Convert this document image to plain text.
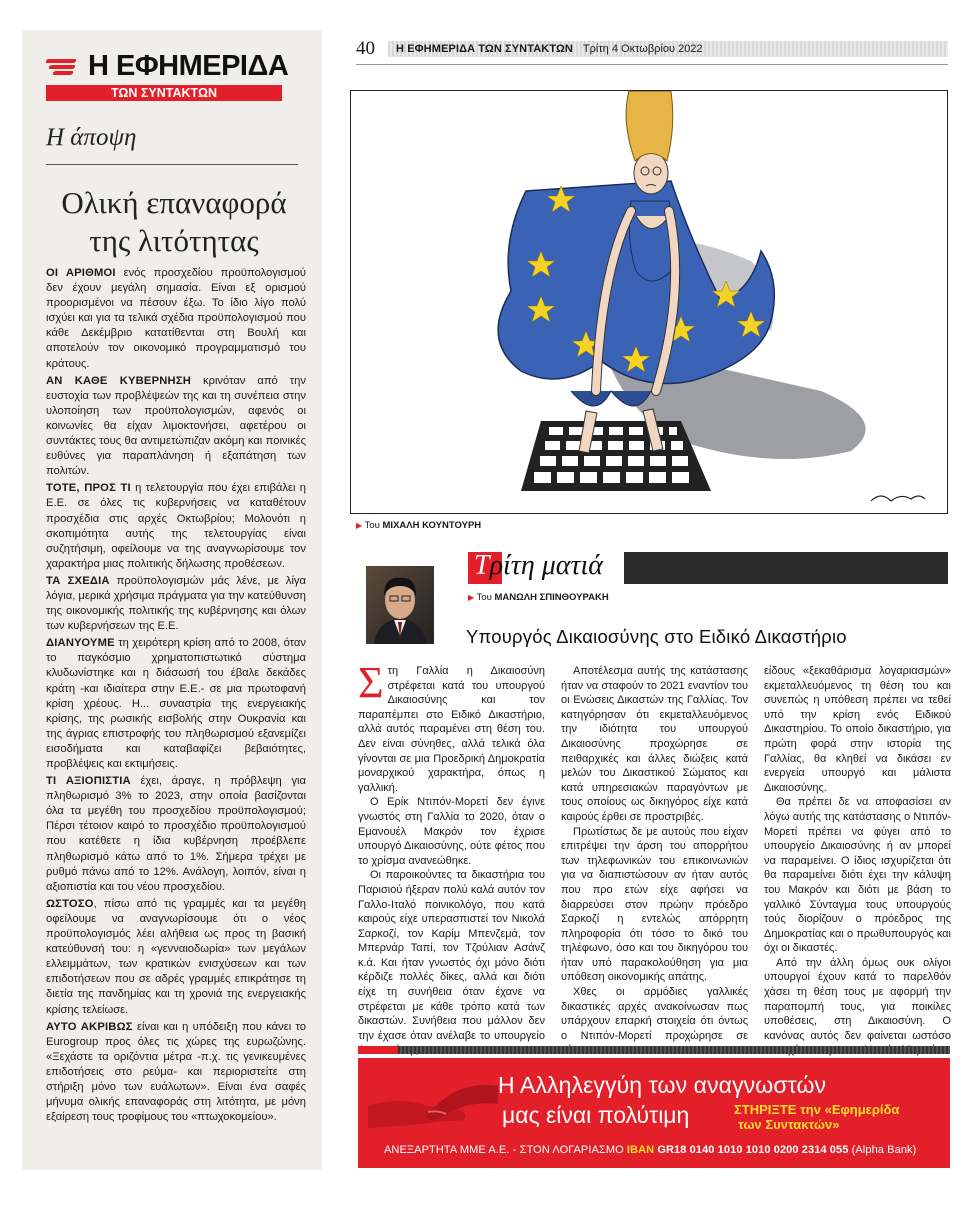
Η ΕΦΗΜΕΡΙΔΑ
ΤΩΝ ΣΥΝΤΑΚΤΩΝ
Η άποψη
Ολική επαναφορά
της λιτότητας

ΟΙ ΑΡΙΘΜΟΙ ενός προσχεδίου προϋπολογισμού δεν έχουν μεγάλη σημασία. Είναι εξ ορισμού προορισμένοι να πέσουν έξω. Το ίδιο λίγο πολύ ισχύει και για τα τελικά σχέδια προϋπολογισμού που κάθε Δεκέμβριο κατατίθενται στη Βουλή και αποτελούν τον οικονομικό προγραμματισμό του κράτους.

ΑΝ ΚΑΘΕ ΚΥΒΕΡΝΗΣΗ κρινόταν από την ευστοχία των προβλέψεών της και τη συνέπεια στην υλοποίηση των προϋπολογισμών, αφενός οι κοινωνίες θα είχαν λιμοκτονήσει, αφετέρου οι συντάκτες τους θα αντιμετώπιζαν ακόμη και ποινικές ευθύνες για παραπλάνηση ή εξαπάτηση των πολιτών.

ΤΟΤΕ, ΠΡΟΣ ΤΙ η τελετουργία που έχει επιβάλει η Ε.Ε. σε όλες τις κυβερνήσεις να καταθέτουν προσχέδια στις αρχές Οκτωβρίου; Μολονότι η σκοπιμότητα αυτής της τελετουργίας είναι συζητήσιμη, οφείλουμε να της αναγνωρίσουμε τον χαρακτήρα μιας πολιτικής δήλωσης προθέσεων.

ΤΑ ΣΧΕΔΙΑ προϋπολογισμών μάς λένε, με λίγα λόγια, μερικά χρήσιμα πράγματα για την κατεύθυνση της οικονομικής πολιτικής της κυβέρνησης και όλων των κυβερνήσεων της Ε.Ε.

ΔΙΑΝΥΟΥΜΕ τη χειρότερη κρίση από το 2008, όταν το παγκόσμιο χρηματοπιστωτικό σύστημα κλυδωνίστηκε και η διάσωσή του έβαλε δεκάδες κράτη -και ιδιαίτερα στην Ε.Ε.- σε μια πρωτοφανή κρίση χρέους. Η... συναστρία της ενεργειακής κρίσης, της ρωσικής εισβολής στην Ουκρανία και της άγριας επιστροφής του πληθωρισμού εξανεμίζει εισοδήματα και καταβαφίζει βεβαιότητες, προβλέψεις και εκτιμήσεις.

ΤΙ ΑΞΙΟΠΙΣΤΙΑ έχει, άραγε, η πρόβλεψη για πληθωρισμό 3% το 2023, στην οποία βασίζονται όλα τα μεγέθη του προσχεδίου προϋπολογισμού; Πέρσι τέτοιον καιρό το προσχέδιο προϋπολογισμού που κατέθετε η ίδια κυβέρνηση προέβλεπε πληθωρισμό κάτω από το 1%. Σήμερα τρέχει με ρυθμό πάνω από το 12%. Ανάλογη, λοιπόν, είναι η αξιοπιστία και του νέου προσχεδίου.

ΩΣΤΟΣΟ, πίσω από τις γραμμές και τα μεγέθη οφείλουμε να αναγνωρίσουμε ότι ο νέος προϋπολογισμός λέει αλήθεια ως προς τη βασική κατεύθυνσή του: η «γενναιοδωρία» των μεγάλων ελλειμμάτων, των κρατικών ενισχύσεων και των επιδοτήσεων που σε αδρές γραμμές επικράτησε τη διετία της πανδημίας και τη χρονιά της ενεργειακής κρίσης τελείωσε.

ΑΥΤΟ ΑΚΡΙΒΩΣ είναι και η υπόδειξη που κάνει το Eurogroup προς όλες τις χώρες της ευρωζώνης. «Ξεχάστε τα οριζόντια μέτρα -π.χ. τις γενικευμένες επιδοτήσεις στο ρεύμα- και περιοριστείτε στη στήριξη μόνο των ευάλωτων». Είναι ένα σαφές μήνυμα ολικής επαναφοράς στη λιτότητα, με μόνη εξαίρεση τους τροφίμους του «πτωχοκομείου».

40	Η ΕΦΗΜΕΡΙΔΑ ΤΩΝ ΣΥΝΤΑΚΤΩΝ Τρίτη 4 Οκτωβρίου 2022
▶ Του ΜΙΧΑΛΗ ΚΟΥΝΤΟΥΡΗ
Τρίτη ματιά
▶ Του ΜΑΝΩΛΗ ΣΠΙΝΘΟΥΡΑΚΗ
Υπουργός Δικαιοσύνης στο Ειδικό Δικαστήριο

Στη Γαλλία η Δικαιοσύνη στρέφεται κατά του υπουργού Δικαιοσύνης και τον παραπέμπει στο Ειδικό Δικαστήριο, αλλά αυτός παραμένει στη θέση του. Δεν είναι σύνηθες, αλλά τελικά όλα γίνονται σε μια Προεδρική Δημοκρατία μοναρχικού χαρακτήρα, όπως η γαλλική.

Ο Ερίκ Ντιπόν-Μορετί δεν έγινε γνωστός στη Γαλλία το 2020, όταν ο Εμανουέλ Μακρόν τον έχρισε υπουργό Δικαιοσύνης, ούτε φέτος που το χρίσμα ανανεώθηκε.

Οι παροικούντες τα δικαστήρια του Παρισιού ήξεραν πολύ καλά αυτόν τον Γαλλο-Ιταλό ποινικολόγο, που κατά καιρούς είχε υπερασπιστεί τον Νικολά Σαρκοζί, τον Καρίμ Μπενζεμά, τον Μπερνάρ Ταπί, τον Τζούλιαν Ασάνζ κ.ά. Και ήταν γνωστός όχι μόνο διότι κέρδιζε πολλές δίκες, αλλά και διότι είχε τη συνήθεια όταν έχανε να στρέφεται με κάθε τρόπο κατά των δικαστών. Συνήθεια που μάλλον δεν την έχασε όταν ανέλαβε το υπουργείο

Αποτέλεσμα αυτής της κατάστασης ήταν να σταφούν το 2021 εναντίον του οι Ενώσεις Δικαστών της Γαλλίας. Τον κατηγόρησαν ότι εκμεταλλευόμενος την ιδιότητα του υπουργού Δικαιοσύνης προχώρησε σε πειθαρχικές και άλλες διώξεις κατά μελών του Δικαστικού Σώματος και κατά υπηρεσιακών παραγόντων με τους οποίους ως δικηγόρος είχε κατά καιρούς έρθει σε προστριβές.

Πρωτίστως δε με αυτούς που είχαν επιτρέψει την άρση του απορρήτου των τηλεφωνικών του επικοινωνιών για να διαπιστώσουν αν ήταν αυτός που προ ετών είχε αφήσει να διαρρεύσει στον πρώην πρόεδρο Σαρκοζί η εντελώς απόρρητη πληροφορία ότι τόσο το δικό του τηλέφωνο, όσο και του δικηγόρου του ήταν υπό παρακολούθηση για μια υπόθεση οικονομικής απάτης.

Χθες οι αρμόδιες γαλλικές δικαστικές αρχές ανακοίνωσαν πως υπάρχουν επαρκή στοιχεία ότι όντως ο Ντιπόν-Μορετί προχώρησε σε

είδους «ξεκαθάρισμα λογαριασμών» εκμεταλλευόμενος τη θέση του και συνεπώς η υπόθεση πρέπει να τεθεί υπό την κρίση ενός Ειδικού Δικαστηρίου. Το οποίο δικαστήριο, για πρώτη φορά στην ιστορία της Γαλλίας, θα κληθεί να δικάσει εν ενεργεία υπουργό και μάλιστα Δικαιοσύνης.

Θα πρέπει δε να αποφασίσει αν λόγω αυτής της κατάστασης ο Ντιπόν-Μορετί πρέπει να φύγει από το υπουργείο Δικαιοσύνης ή αν μπορεί να παραμείνει. Ο ίδιος ισχυρίζεται ότι θα παραμείνει διότι έχει την κάλυψη του Μακρόν και διότι με βάση το γαλλικό Σύνταγμα τους υπουργούς τούς διορίζουν ο πρόεδρος της Δημοκρατίας και ο πρωθυπουργός και όχι οι δικαστές.

Από την άλλη όμως ουκ ολίγοι υπουργοί έχουν κατά το παρελθόν χάσει τη θέση τους με αφορμή την παραπομπή τους, για ποικίλες υποθέσεις, στη Δικαιοσύνη. Ο κανόνας αυτός δεν φαίνεται ωστόσο

Η Αλληλεγγύη των αναγνωστών
μας είναι πολύτιμη	ΣΤΗΡΙΞΤΕ την «Εφημερίδα
των Συντακτών»
ΑΝΕΞΑΡΤΗΤΑ ΜΜΕ Α.Ε. - ΣΤΟΝ ΛΟΓΑΡΙΑΣΜΟ IBAN GR18 0140 1010 1010 0200 2314 055 (Alpha Bank)
